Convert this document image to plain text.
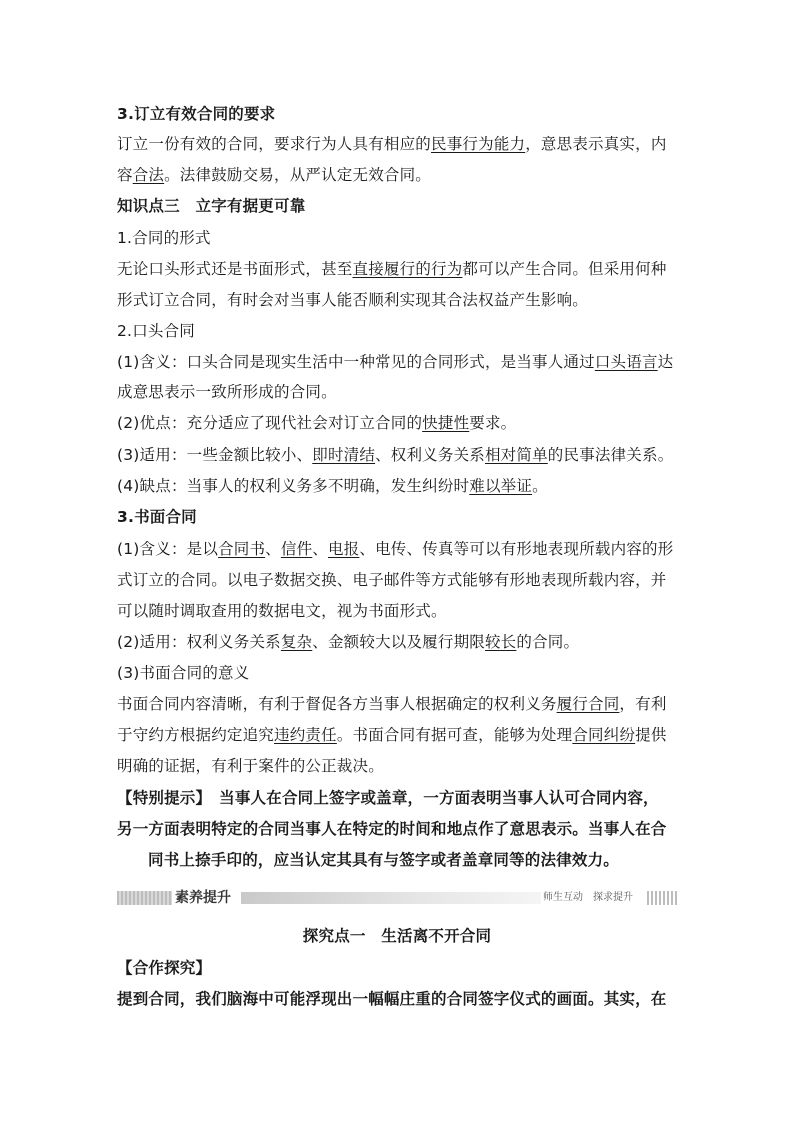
3.订立有效合同的要求
订立一份有效的合同，要求行为人具有相应的民事行为能力，意思表示真实，内
容合法。法律鼓励交易，从严认定无效合同。
知识点三　立字有据更可靠
1.合同的形式
无论口头形式还是书面形式，甚至直接履行的行为都可以产生合同。但采用何种
形式订立合同，有时会对当事人能否顺利实现其合法权益产生影响。
2.口头合同
(1)含义：口头合同是现实生活中一种常见的合同形式，是当事人通过口头语言达
成意思表示一致所形成的合同。
(2)优点：充分适应了现代社会对订立合同的快捷性要求。
(3)适用：一些金额比较小、即时清结、权利义务关系相对简单的民事法律关系。
(4)缺点：当事人的权利义务多不明确，发生纠纷时难以举证。
3.书面合同
(1)含义：是以合同书、信件、电报、电传、传真等可以有形地表现所载内容的形
式订立的合同。以电子数据交换、电子邮件等方式能够有形地表现所载内容，并
可以随时调取查用的数据电文，视为书面形式。
(2)适用：权利义务关系复杂、金额较大以及履行期限较长的合同。
(3)书面合同的意义
书面合同内容清晰，有利于督促各方当事人根据确定的权利义务履行合同，有利
于守约方根据约定追究违约责任。书面合同有据可查，能够为处理合同纠纷提供
明确的证据，有利于案件的公正裁决。
【特别提示】　当事人在合同上签字或盖章，一方面表明当事人认可合同内容，
另一方面表明特定的合同当事人在特定的时间和地点作了意思表示。当事人在合
同书上捺手印的，应当认定其具有与签字或者盖章同等的法律效力。
素养提升	师生互动 探求提升
探究点一　生活离不开合同
【合作探究】
提到合同，我们脑海中可能浮现出一幅幅庄重的合同签字仪式的画面。其实，在
